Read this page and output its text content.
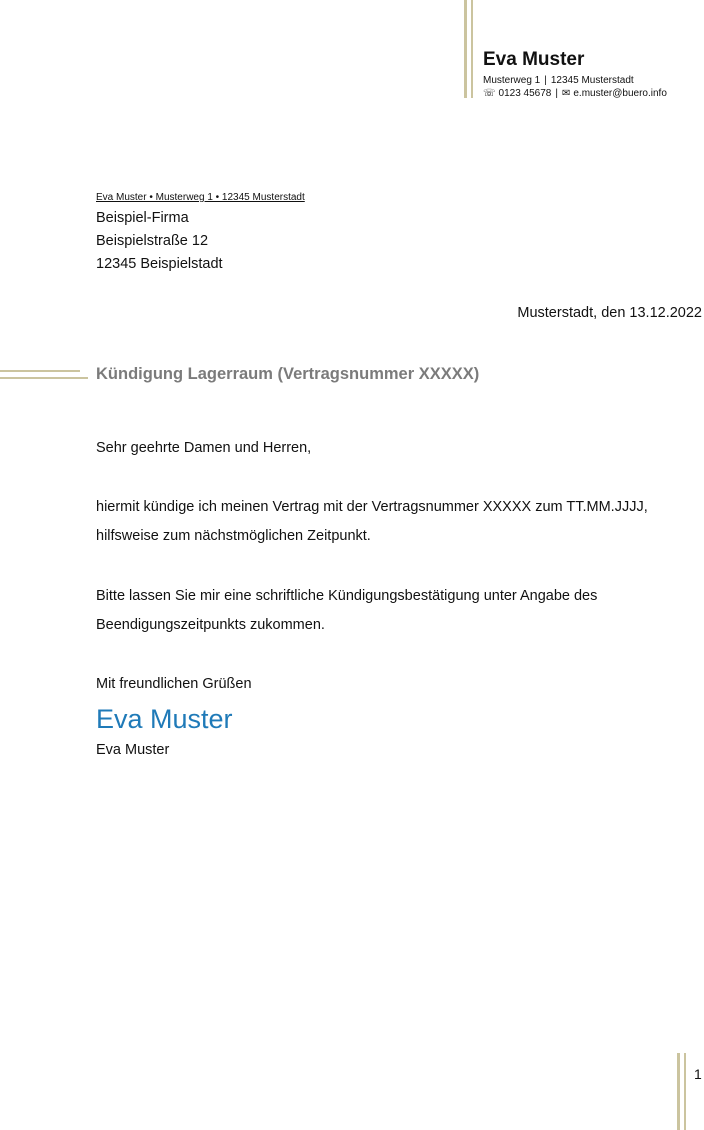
Eva Muster
Musterweg 1 | 12345 Musterstadt
☏ 0123 45678 | ✉ e.muster@buero.info
Eva Muster • Musterweg 1 • 12345 Musterstadt
Beispiel-Firma
Beispielstraße 12
12345 Beispielstadt
Musterstadt, den 13.12.2022
Kündigung Lagerraum (Vertragsnummer XXXXX)
Sehr geehrte Damen und Herren,
hiermit kündige ich meinen Vertrag mit der Vertragsnummer XXXXX zum TT.MM.JJJJ,
hilfsweise zum nächstmöglichen Zeitpunkt.
Bitte lassen Sie mir eine schriftliche Kündigungsbestätigung unter Angabe des
Beendigungszeitpunkts zukommen.
Mit freundlichen Grüßen
Eva Muster
Eva Muster
1
